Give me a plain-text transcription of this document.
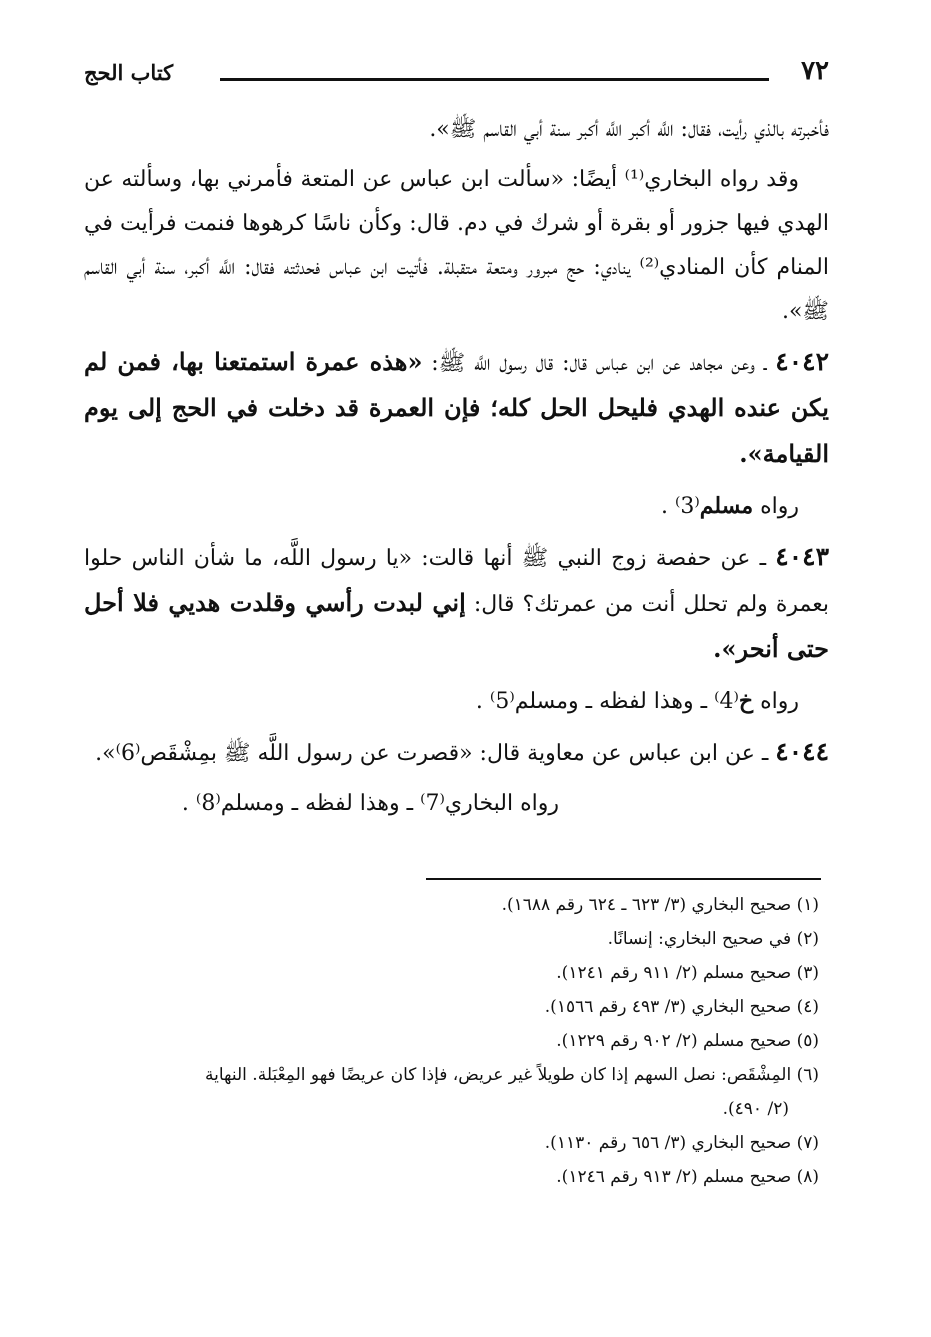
٧٢
كتاب الحج

فأخبرته بالذي رأيت، فقال: اللَّه أكبر اللَّه أكبر سنة أبي القاسم ﷺ».

وقد رواه البخاري⁽¹⁾ أيضًا: «سألت ابن عباس عن المتعة فأمرني بها، وسألته عن الهدي فيها جزور أو بقرة أو شرك في دم. قال: وكأن ناسًا كرهوها فنمت فرأيت في المنام كأن المنادي⁽²⁾ ينادي: حج مبرور ومتعة متقبلة. فأتيت ابن عباس فحدثته فقال: اللَّه أكبر، سنة أبي القاسم ﷺ».

٤٠٤٢ ـ وعن مجاهد عن ابن عباس قال: قال رسول اللَّه ﷺ: «هذه عمرة استمتعنا بها، فمن لم يكن عنده الهدي فليحل الحل كله؛ فإن العمرة قد دخلت في الحج إلى يوم القيامة».

رواه مسلم⁽3⁾ .

٤٠٤٣ ـ عن حفصة زوج النبي ﷺ أنها قالت: «يا رسول اللَّه، ما شأن الناس حلوا بعمرة ولم تحلل أنت من عمرتك؟ قال: إني لبدت رأسي وقلدت هديي فلا أحل حتى أنحر».

رواه خ⁽4⁾ ـ وهذا لفظه ـ ومسلم⁽5⁾ .

٤٠٤٤ ـ عن ابن عباس عن معاوية قال: «قصرت عن رسول اللَّه ﷺ بمِشْقَص⁽6⁾».

رواه البخاري⁽7⁾ ـ وهذا لفظه ـ ومسلم⁽8⁾ .

(١) صحيح البخاري (٣/ ٦٢٣ ـ ٦٢٤ رقم ١٦٨٨).

(٢) في صحيح البخاري: إنسانًا.

(٣) صحيح مسلم (٢/ ٩١١ رقم ١٢٤١).

(٤) صحيح البخاري (٣/ ٤٩٣ رقم ١٥٦٦).

(٥) صحيح مسلم (٢/ ٩٠٢ رقم ١٢٢٩).

(٦) المِشْقَص: نصل السهم إذا كان طويلاً غير عريض، فإذا كان عريضًا فهو المِعْبَلة. النهاية

(٢/ ٤٩٠).

(٧) صحيح البخاري (٣/ ٦٥٦ رقم ١١٣٠).

(٨) صحيح مسلم (٢/ ٩١٣ رقم ١٢٤٦).
